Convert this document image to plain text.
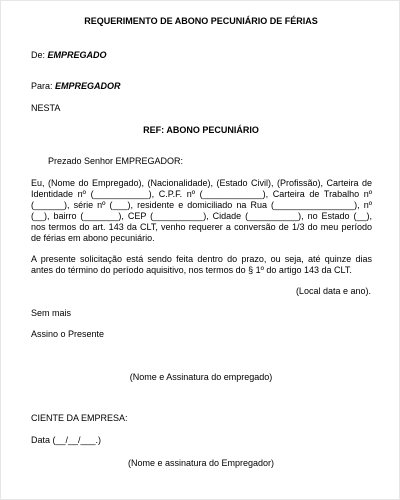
REQUERIMENTO DE ABONO PECUNIÁRIO DE FÉRIAS
De: EMPREGADO
Para: EMPREGADOR
NESTA
REF: ABONO PECUNIÁRIO
Prezado Senhor EMPREGADOR:
Eu, (Nome do Empregado), (Nacionalidade), (Estado Civil), (Profissão), Carteira de Identidade nº (___________), C.P.F. nº (____________), Carteira de Trabalho nº (______), série nº (___), residente e domiciliado na Rua (________________), nº (__), bairro (_______), CEP (__________), Cidade (__________), no Estado (__), nos termos do art. 143 da CLT, venho requerer a conversão de 1/3 do meu período de férias em abono pecuniário.
A presente solicitação está sendo feita dentro do prazo, ou seja, até quinze dias antes do término do período aquisitivo, nos termos do § 1º do artigo 143 da CLT.
(Local data e ano).
Sem mais
Assino o Presente
(Nome e Assinatura do empregado)
CIENTE DA EMPRESA:
Data (__/__/___.)
(Nome e assinatura do Empregador)
